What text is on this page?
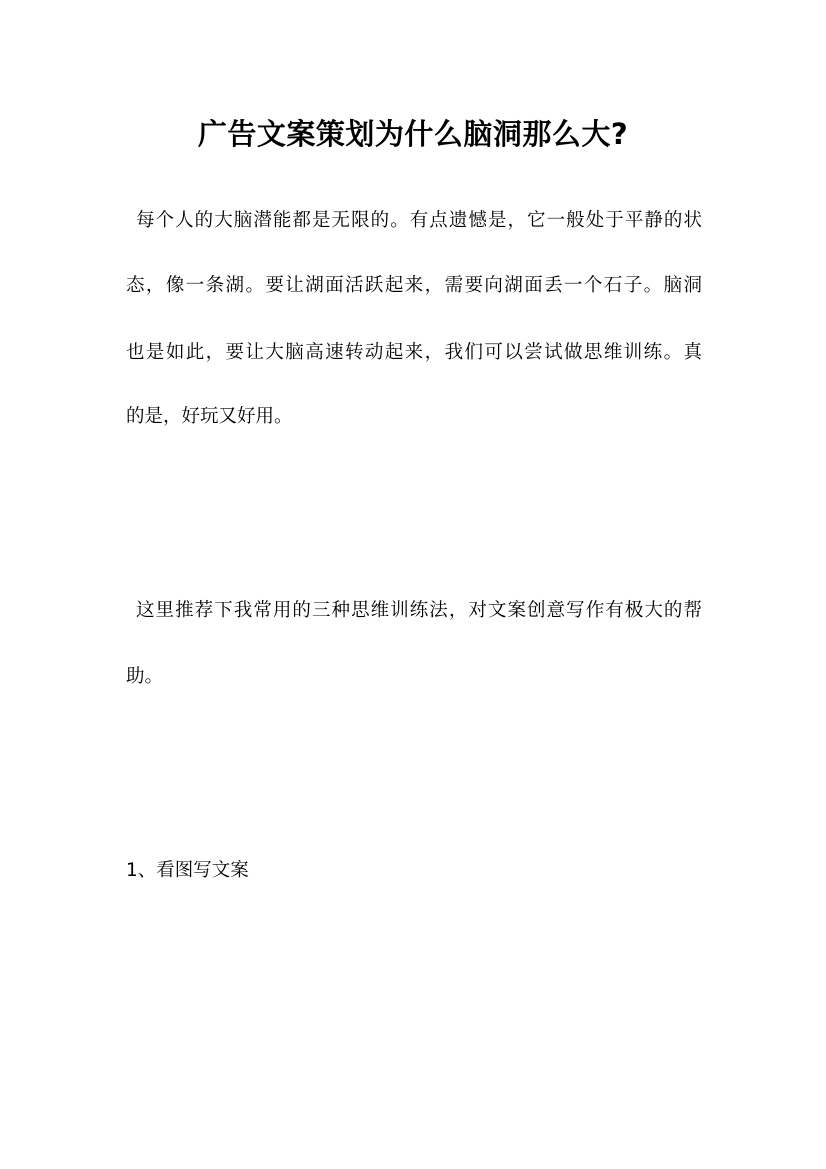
广告文案策划为什么脑洞那么大?
每个人的大脑潜能都是无限的。有点遗憾是，它一般处于平静的状
态，像一条湖。要让湖面活跃起来，需要向湖面丢一个石子。脑洞
也是如此，要让大脑高速转动起来，我们可以尝试做思维训练。真
的是，好玩又好用。
这里推荐下我常用的三种思维训练法，对文案创意写作有极大的帮
助。
1、看图写文案
